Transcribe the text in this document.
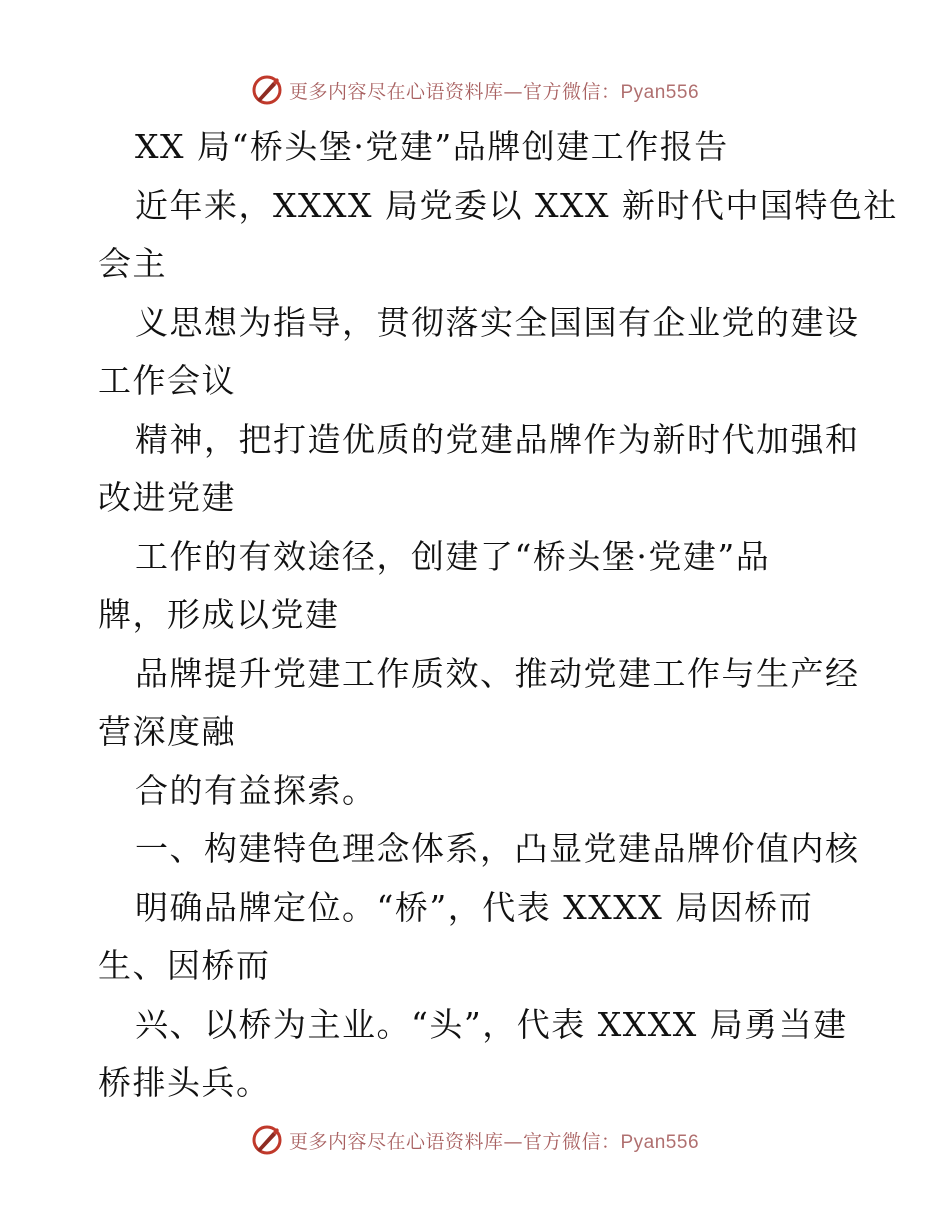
更多内容尽在心语资料库—官方微信：Pyan556
XX 局“桥头堡·党建”品牌创建工作报告
近年来，XXXX 局党委以 XXX 新时代中国特色社
会主
义思想为指导，贯彻落实全国国有企业党的建设
工作会议
精神，把打造优质的党建品牌作为新时代加强和
改进党建
工作的有效途径，创建了“桥头堡·党建”品
牌，形成以党建
品牌提升党建工作质效、推动党建工作与生产经
营深度融
合的有益探索。
一、构建特色理念体系，凸显党建品牌价值内核
明确品牌定位。“桥”，代表 XXXX 局因桥而
生、因桥而
兴、以桥为主业。“头”，代表 XXXX 局勇当建
桥排头兵。
更多内容尽在心语资料库—官方微信：Pyan556
